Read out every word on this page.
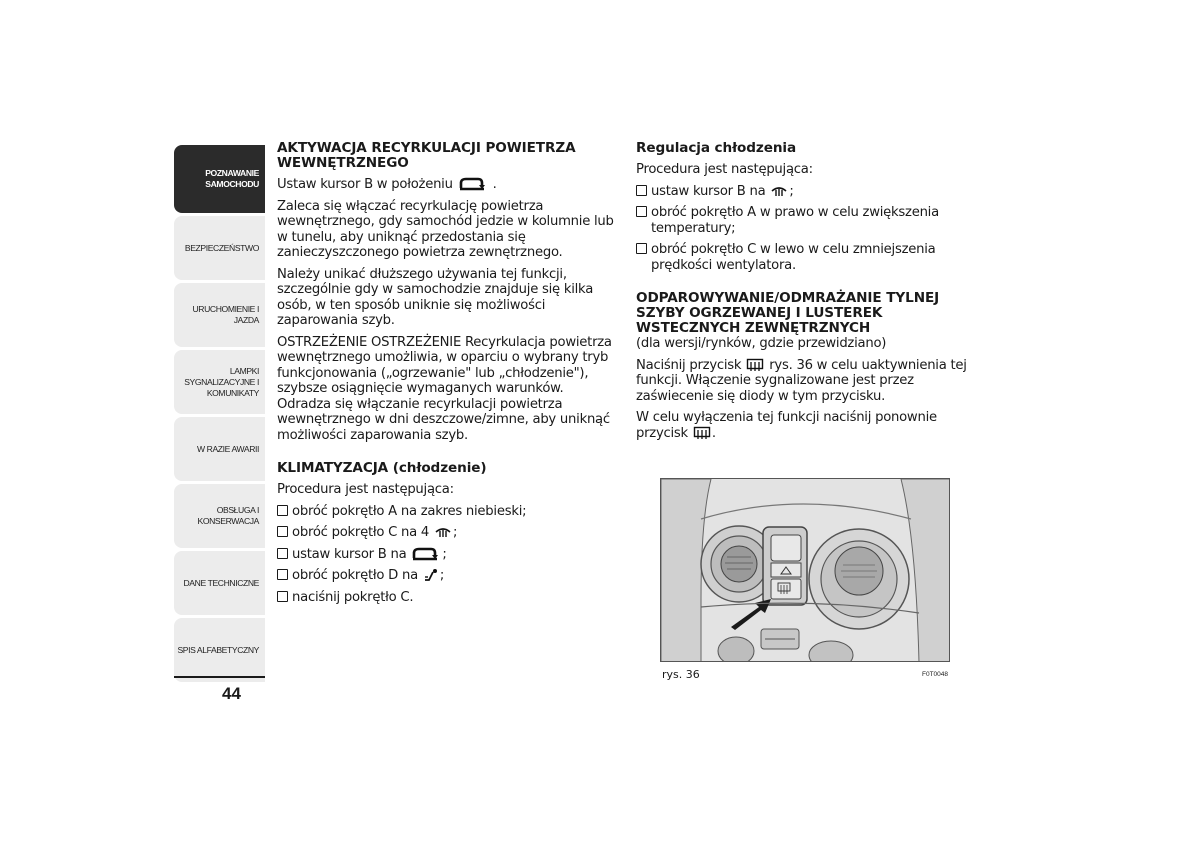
POZNAWANIE
SAMOCHODU
BEZPIECZEŃSTWO
URUCHOMIENIE I
JAZDA
LAMPKI
SYGNALIZACYJNE I
KOMUNIKATY
W RAZIE AWARII
OBSŁUGA I
KONSERWACJA
DANE TECHNICZNE
SPIS ALFABETYCZNY
44
AKTYWACJA RECYRKULACJI POWIETRZA WEWNĘTRZNEGO

Ustaw kursor B w położeniu	.

Zaleca się włączać recyrkulację powietrza wewnętrznego, gdy samochód jedzie w kolumnie lub w tunelu, aby uniknąć przedostania się zanieczyszczonego powietrza zewnętrznego.

Należy unikać dłuższego używania tej funkcji, szczególnie gdy w samochodzie znajduje się kilka osób, w ten sposób uniknie się możliwości zaparowania szyb.

OSTRZEŻENIE OSTRZEŻENIE Recyrkulacja powietrza wewnętrznego umożliwia, w oparciu o wybrany tryb funkcjonowania („ogrzewanie" lub „chłodzenie"), szybsze osiągnięcie wymaganych warunków. Odradza się włączanie recyrkulacji powietrza wewnętrznego w dni deszczowe/zimne, aby uniknąć możliwości zaparowania szyb.

KLIMATYZACJA (chłodzenie)

Procedura jest następująca:

obróć pokrętło A na zakres niebieski;
obróć pokrętło C na 4 ;
ustaw kursor B na	;
obróć pokrętło D na ;
naciśnij pokrętło C.
Regulacja chłodzenia

Procedura jest następująca:

ustaw kursor B na ;
obróć pokrętło A w prawo w celu zwiększenia temperatury;
obróć pokrętło C w lewo w celu zmniejszenia prędkości wentylatora.
ODPAROWYWANIE/ODMRAŻANIE TYLNEJ SZYBY OGRZEWANEJ I LUSTEREK WSTECZNYCH ZEWNĘTRZNYCH

(dla wersji/rynków, gdzie przewidziano)

Naciśnij przycisk rys. 36 w celu uaktywnienia tej funkcji. Włączenie sygnalizowane jest przez zaświecenie się diody w tym przycisku.

W celu wyłączenia tej funkcji naciśnij ponownie przycisk .

rys. 36	F0T0048
